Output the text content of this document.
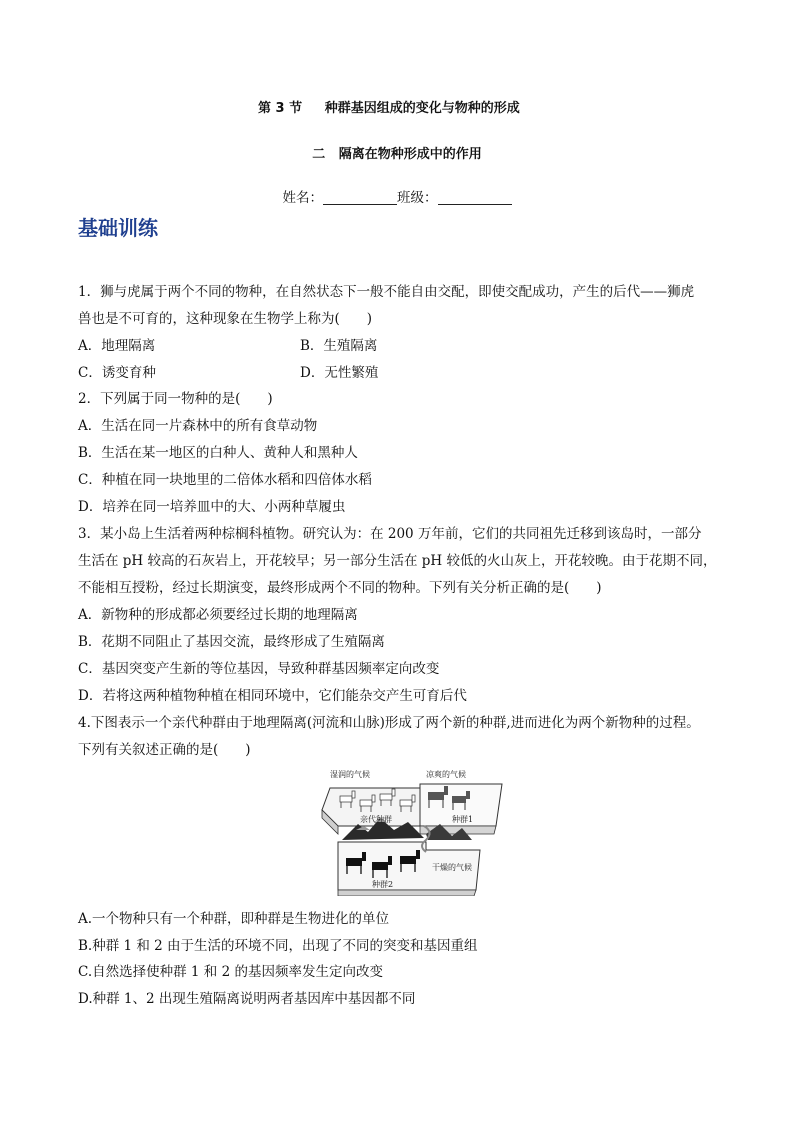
第 3 节     种群基因组成的变化与物种的形成
二   隔离在物种形成中的作用
姓名：	班级：
基础训练
1．狮与虎属于两个不同的物种，在自然状态下一般不能自由交配，即使交配成功，产生的后代——狮虎
兽也是不可育的，这种现象在生物学上称为(　　)
A．地理隔离	B．生殖隔离
C．诱变育种	D．无性繁殖
2．下列属于同一物种的是(　　)
A．生活在同一片森林中的所有食草动物
B．生活在某一地区的白种人、黄种人和黑种人
C．种植在同一块地里的二倍体水稻和四倍体水稻
D．培养在同一培养皿中的大、小两种草履虫
3．某小岛上生活着两种棕榈科植物。研究认为：在 200 万年前，它们的共同祖先迁移到该岛时，一部分
生活在 pH 较高的石灰岩上，开花较早；另一部分生活在 pH 较低的火山灰上，开花较晚。由于花期不同，
不能相互授粉，经过长期演变，最终形成两个不同的物种。下列有关分析正确的是(　　)
A．新物种的形成都必须要经过长期的地理隔离
B．花期不同阻止了基因交流，最终形成了生殖隔离
C．基因突变产生新的等位基因，导致种群基因频率定向改变
D．若将这两种植物种植在相同环境中，它们能杂交产生可育后代
4.下图表示一个亲代种群由于地理隔离(河流和山脉)形成了两个新的种群,进而进化为两个新物种的过程。
下列有关叙述正确的是(　　)
湿润的气候	凉爽的气候
亲代种群	种群1
干燥的气候
种群2
A.一个物种只有一个种群，即种群是生物进化的单位
B.种群 1 和 2 由于生活的环境不同，出现了不同的突变和基因重组
C.自然选择使种群 1 和 2 的基因频率发生定向改变
D.种群 1、2 出现生殖隔离说明两者基因库中基因都不同
